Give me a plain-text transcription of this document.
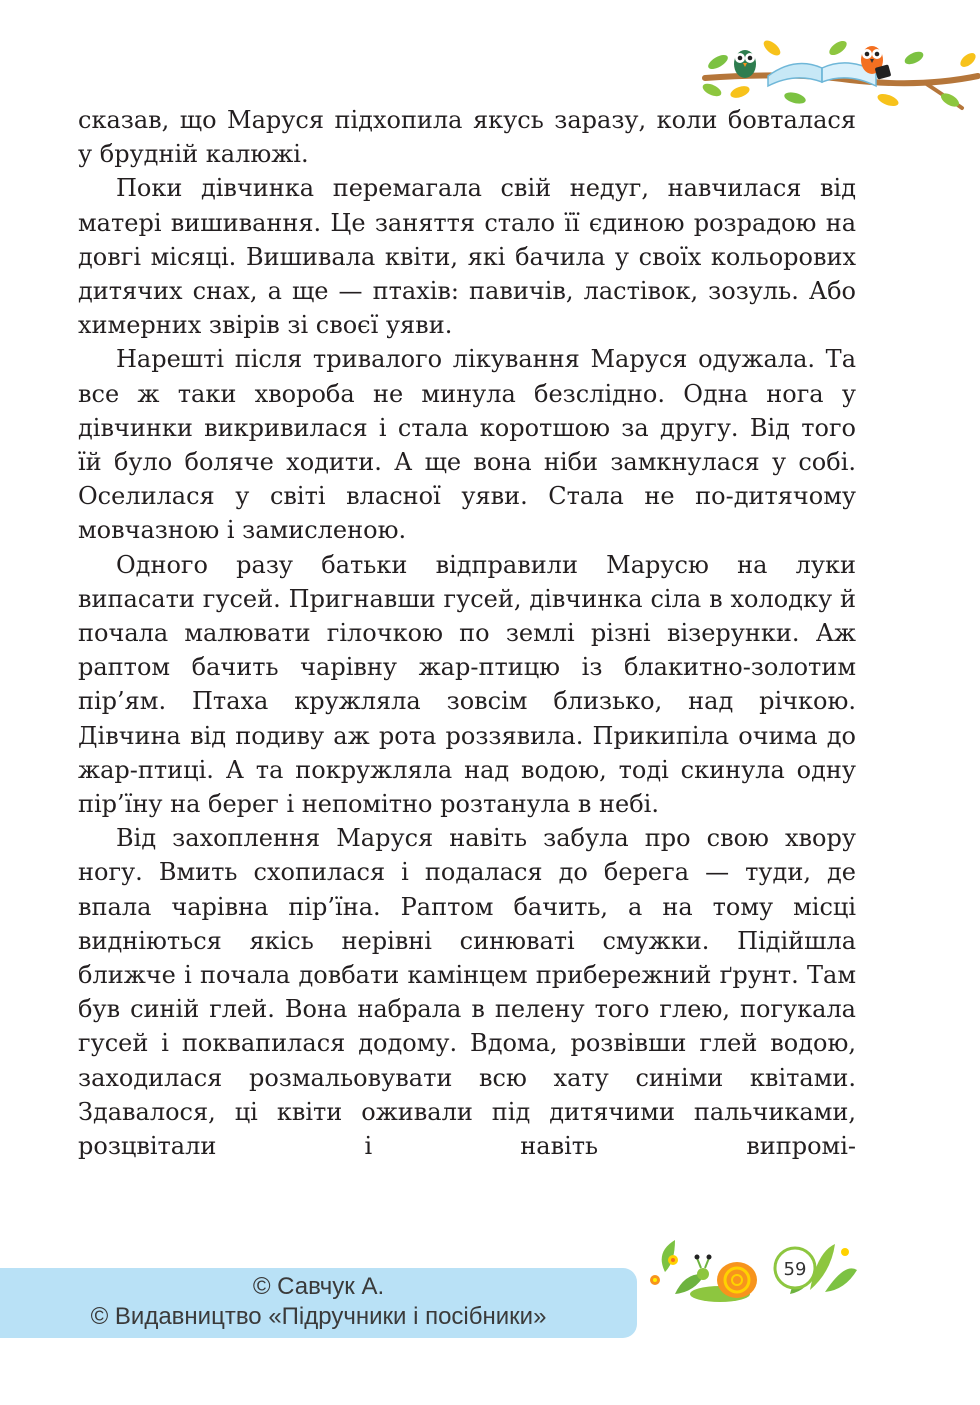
сказав, що Маруся підхопила якусь заразу, коли бовталася у брудній калюжі.

Поки дівчинка перемагала свій недуг, навчилася від матері вишивання. Це заняття стало її єдиною розрадою на довгі місяці. Вишивала квіти, які бачила у своїх кольорових дитячих снах, а ще — птахів: павичів, ластівок, зозуль. Або химерних звірів зі своєї уяви.

Нарешті після тривалого лікування Маруся одужала. Та все ж таки хвороба не минула безслідно. Одна нога у дівчинки викривилася і стала коротшою за другу. Від того їй було боляче ходити. А ще вона ніби замкнулася у собі. Оселилася у світі власної уяви. Стала не по-дитячому мовчазною і замисленою.

Одного разу батьки відправили Марусю на луки випасати гусей. Пригнавши гусей, дівчинка сіла в холодку й почала малювати гілочкою по землі різні візерунки. Аж раптом бачить чарівну жар-птицю із блакитно-золотим пір’ям. Птаха кружляла зовсім близько, над річкою. Дівчина від подиву аж рота роззявила. Прикипіла очима до жар-птиці. А та покружляла над водою, тоді скинула одну пір’їну на берег і непомітно розтанула в небі.

Від захоплення Маруся навіть забула про свою хвору ногу. Вмить схопилася і подалася до берега — туди, де впала чарівна пір’їна. Раптом бачить, а на тому місці видніються якісь нерівні синюваті смужки. Підійшла ближче і почала довбати камінцем прибережний ґрунт. Там був синій глей. Вона набрала в пелену того глею, погукала гусей і поквапилася додому. Вдома, розвівши глей водою, заходилася розмальовувати всю хату синіми квітами. Здавалося, ці квіти оживали під дитячими пальчиками, розцвітали і навіть випромі-

59
© Савчук А.
© Видавництво «Підручники і посібники»
